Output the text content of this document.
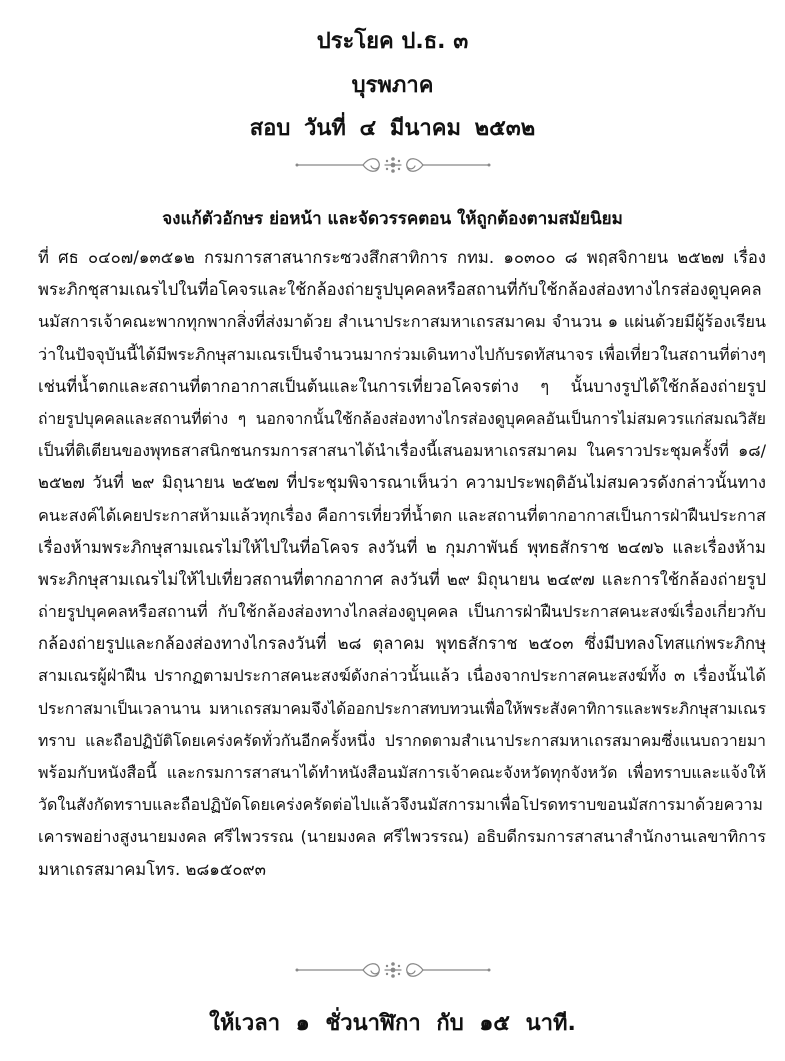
ประโยค ป.ธ. ๓
บุรพภาค
สอบ วันที่ ๔ มีนาคม ๒๕๓๒
จงแก้ตัวอักษร ย่อหน้า และจัดวรรคตอน ให้ถูกต้องตามสมัยนิยม
ที่ ศธ ๐๔๐๗/๑๓๕๑๒ กรมการสาสนากระซวงสึกสาทิการ กทม. ๑๐๓๐๐ ๘ พฤสจิกายน ๒๕๒๗ เรื่อง
พระภิกชุสามเณรไปในที่อโคจรและใช้กล้องถ่ายรูปบุคคลหรือสถานที่กับใช้กล้องส่องทางไกรส่องดูบุคคล
นมัสการเจ้าคณะพากทุกพากสิ่งที่ส่งมาด้วย สำเนาประกาสมหาเถรสมาคม จำนวน ๑ แผ่นด้วยมีผู้ร้องเรียน
ว่าในปัจจุบันนี้ได้มีพระภิกษุสามเณรเป็นจำนวนมากร่วมเดินทางไปกับรดทัสนาจร เพื่อเที่ยวในสถานที่ต่างๆ
เช่นที่น้ำตกและสถานที่ตากอากาสเป็นต้นและในการเที่ยวอโคจรต่าง ๆ นั้นบางรูปได้ใช้กล้องถ่ายรูป
ถ่ายรูปบุคคลและสถานที่ต่าง ๆ นอกจากนั้นใช้กล้องส่องทางไกรส่องดูบุคคลอันเป็นการไม่สมควรแก่สมณวิสัย
เป็นที่ติเตียนของพุทธสาสนิกชนกรมการสาสนาได้นำเรื่องนี้เสนอมหาเถรสมาคม ในคราวประชุมครั้งที่ ๑๘/
๒๕๒๗ วันที่ ๒๙ มิถุนายน ๒๕๒๗ ที่ประชุมพิจารณาเห็นว่า ความประพฤติอันไม่สมควรดังกล่าวนั้นทาง
คนะสงค์ได้เคยประกาสห้ามแล้วทุกเรื่อง คือการเที่ยวที่น้ำตก และสถานที่ตากอากาสเป็นการฝ่าฝืนประกาส
เรื่องห้ามพระภิกษุสามเณรไม่ให้ไปในที่อโคจร ลงวันที่ ๒ กุมภาพันธ์ พุทธสักราช ๒๔๗๖ และเรื่องห้าม
พระภิกษุสามเณรไม่ให้ไปเที่ยวสถานที่ตากอากาศ ลงวันที่ ๒๙ มิถุนายน ๒๔๙๗ และการใช้กล้องถ่ายรูป
ถ่ายรูปบุคคลหรือสถานที่ กับใช้กล้องส่องทางไกลส่องดูบุคคล เป็นการฝ่าฝืนประกาสคนะสงฆ์เรื่องเกี่ยวกับ
กล้องถ่ายรูปและกล้องส่องทางไกรลงวันที่ ๒๘ ตุลาคม พุทธสักราช ๒๕๐๓ ซึ่งมีบทลงโทสแก่พระภิกษุ
สามเณรผู้ฝ่าฝืน ปรากฏตามประกาสคนะสงฆ์ดังกล่าวนั้นแล้ว เนื่องจากประกาสคนะสงฆ์ทั้ง ๓ เรื่องนั้นได้
ประกาสมาเป็นเวลานาน มหาเถรสมาคมจึงได้ออกประกาสทบทวนเพื่อให้พระสังคาทิการและพระภิกษุสามเณร
ทราบ และถือปฏิบัติโดยเคร่งครัดทั่วกันอีกครั้งหนึ่ง ปรากดตามสำเนาประกาสมหาเถรสมาคมซึ่งแนบถวายมา
พร้อมกับหนังสือนี้ และกรมการสาสนาได้ทำหนังสือนมัสการเจ้าคณะจังหวัดทุกจังหวัด เพื่อทราบและแจ้งให้
วัดในสังกัดทราบและถือปฏิบัดโดยเคร่งครัดต่อไปแล้วจึงนมัสการมาเพื่อโปรดทราบขอนมัสการมาด้วยความ
เคารพอย่างสูงนายมงคล ศรีไพวรรณ (นายมงคล ศรีไพวรรณ) อธิบดีกรมการสาสนาสำนักงานเลขาทิการ
มหาเถรสมาคมโทร. ๒๘๑๕๐๙๓
ให้เวลา ๑ ชั่วนาฬิกา กับ ๑๕ นาที.
